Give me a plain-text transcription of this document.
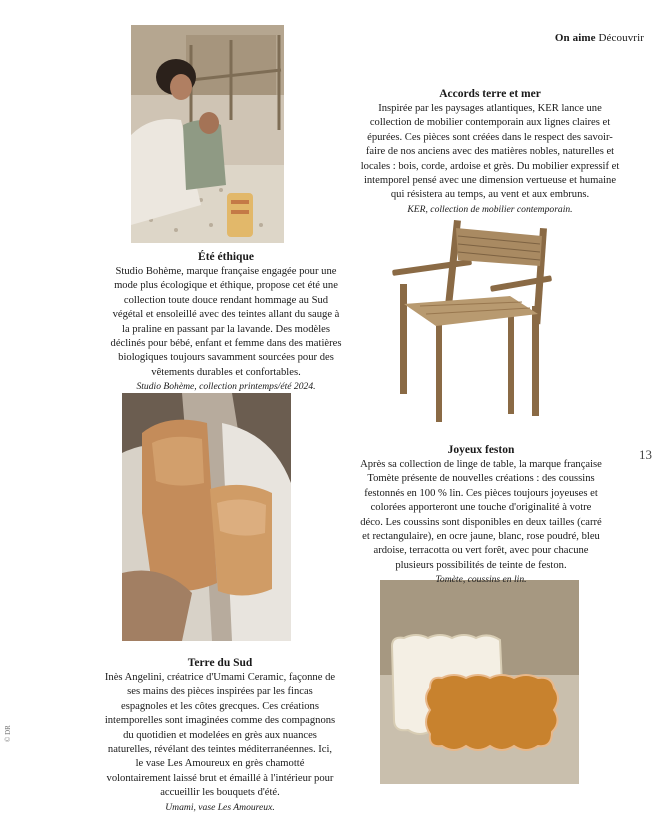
On aime Découvrir
13
© DR
Accords terre et mer

Inspirée par les paysages atlantiques, KER lance une collection de mobilier contemporain aux lignes claires et épurées. Ces pièces sont créées dans le respect des savoir-faire de nos anciens avec des matières nobles, naturelles et locales : bois, corde, ardoise et grès. Du mobilier expressif et intemporel pensé avec une dimension vertueuse et humaine qui résistera au temps, au vent et aux embruns.

KER, collection de mobilier contemporain.

Été éthique

Studio Bohème, marque française engagée pour une mode plus écologique et éthique, propose cet été une collection toute douce rendant hommage au Sud végétal et ensoleillé avec des teintes allant du sauge à la praline en passant par la lavande. Des modèles déclinés pour bébé, enfant et femme dans des matières biologiques toujours savamment sourcées pour des vêtements durables et confortables.

Studio Bohème, collection printemps/été 2024.

Joyeux feston

Après sa collection de linge de table, la marque française Tomète présente de nouvelles créations : des coussins festonnés en 100 % lin. Ces pièces toujours joyeuses et colorées apporteront une touche d'originalité à votre déco. Les coussins sont disponibles en deux tailles (carré et rectangulaire), en ocre jaune, blanc, rose poudré, bleu ardoise, terracotta ou vert forêt, avec pour chacune plusieurs possibilités de teinte de feston.

Tomète, coussins en lin.

Terre du Sud

Inès Angelini, créatrice d'Umami Ceramic, façonne de ses mains des pièces inspirées par les fincas espagnoles et les côtes grecques. Ces créations intemporelles sont imaginées comme des compagnons du quotidien et modelées en grès aux nuances naturelles, révélant des teintes méditerranéennes. Ici, le vase Les Amoureux en grès chamotté volontairement laissé brut et émaillé à l'intérieur pour accueillir les bouquets d'été.

Umami, vase Les Amoureux.
